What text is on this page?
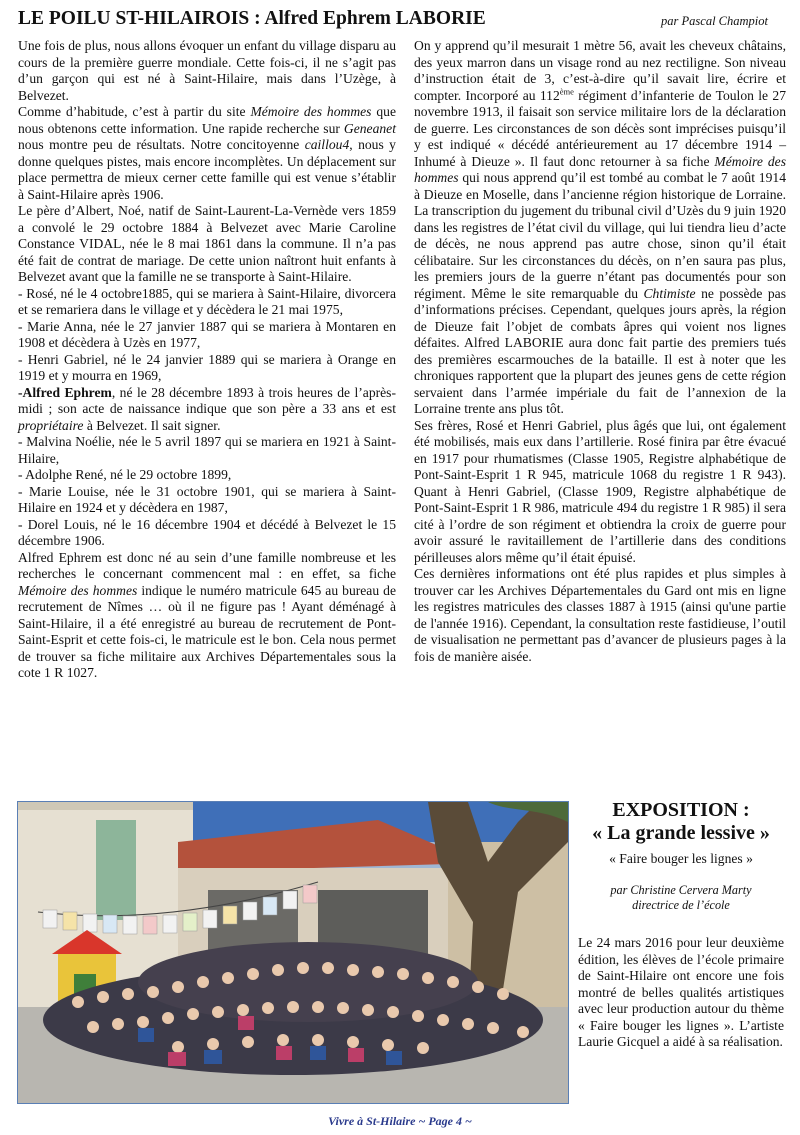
LE POILU ST-HILAIROIS : Alfred Ephrem LABORIE	par Pascal Champiot

Une fois de plus, nous allons évoquer un enfant du village disparu au cours de la première guerre mondiale. Cette fois-ci, il ne s’agit pas d’un garçon qui est né à Saint-Hilaire, mais dans l’Uzège, à Belvezet.

Comme d’habitude, c’est à partir du site Mémoire des hommes que nous obtenons cette information. Une rapide recherche sur Geneanet nous montre peu de résultats. Notre concitoyenne caillou4, nous y donne quelques pistes, mais encore incomplètes. Un déplacement sur place permettra de mieux cerner cette famille qui est venue s’établir à Saint-Hilaire après 1906.

Le père d’Albert, Noé, natif de Saint-Laurent-La-Vernède vers 1859 a convolé le 29 octobre 1884 à Belvezet avec Marie Caroline Constance VIDAL, née le 8 mai 1861 dans la commune. Il n’a pas été fait de contrat de mariage. De cette union naîtront huit enfants à Belvezet avant que la famille ne se transporte à Saint-Hilaire.

- Rosé, né le 4 octobre1885, qui se mariera à Saint-Hilaire, divorcera et se remariera dans le village et y décèdera le 21 mai 1975,

- Marie Anna, née le 27 janvier 1887 qui se mariera à Montaren en 1908 et décèdera à Uzès en 1977,

- Henri Gabriel, né le 24 janvier 1889 qui se mariera à Orange en 1919 et y mourra en 1969,

-Alfred Ephrem, né le 28 décembre 1893 à trois heures de l’après-midi ; son acte de naissance indique que son père a 33 ans et est propriétaire à Belvezet. Il sait signer.

- Malvina Noélie, née le 5 avril 1897 qui se mariera en 1921 à Saint-Hilaire,

- Adolphe René, né le 29 octobre 1899,

- Marie Louise, née le 31 octobre 1901, qui se mariera à Saint-Hilaire en 1924 et y décèdera en 1987,

- Dorel Louis, né le 16 décembre 1904 et décédé à Belvezet le 15 décembre 1906.

Alfred Ephrem est donc né au sein d’une famille nombreuse et les recherches le concernant commencent mal : en effet, sa fiche Mémoire des hommes indique le numéro matricule 645 au bureau de recrutement de Nîmes … où il ne figure pas ! Ayant déménagé à Saint-Hilaire, il a été enregistré au bureau de recrutement de Pont-Saint-Esprit et cette fois-ci, le matricule est le bon. Cela nous permet de trouver sa fiche militaire aux Archives Départementales sous la cote 1 R 1027.

On y apprend qu’il mesurait 1 mètre 56, avait les cheveux châtains, des yeux marron dans un visage rond au nez rectiligne. Son niveau d’instruction était de 3, c’est-à-dire qu’il savait lire, écrire et compter. Incorporé au 112ème régiment d’infanterie de Toulon le 27 novembre 1913, il faisait son service militaire lors de la déclaration de guerre. Les circonstances de son décès sont imprécises puisqu’il y est indiqué « décédé antérieurement au 17 décembre 1914 – Inhumé à Dieuze ». Il faut donc retourner à sa fiche Mémoire des hommes qui nous apprend qu’il est tombé au combat le 7 août 1914 à Dieuze en Moselle, dans l’ancienne région historique de Lorraine. La transcription du jugement du tribunal civil d’Uzès du 9 juin 1920 dans les registres de l’état civil du village, qui lui tiendra lieu d’acte de décès, ne nous apprend pas autre chose, sinon qu’il était célibataire. Sur les circonstances du décès, on n’en saura pas plus, les premiers jours de la guerre n’étant pas documentés pour son régiment. Même le site remarquable du Chtimiste ne possède pas d’informations précises. Cependant, quelques jours après, la région de Dieuze fait l’objet de combats âpres qui voient nos lignes défaites. Alfred LABORIE aura donc fait partie des premiers tués des premières escarmouches de la bataille. Il est à noter que les chroniques rapportent que la plupart des jeunes gens de cette région servaient dans l’armée impériale du fait de l’annexion de la Lorraine trente ans plus tôt.

Ses frères, Rosé et Henri Gabriel, plus âgés que lui, ont également été mobilisés, mais eux dans l’artillerie. Rosé finira par être évacué en 1917 pour rhumatismes (Classe 1905, Registre alphabétique de Pont-Saint-Esprit 1 R 945, matricule 1068 du registre 1 R 943). Quant à Henri Gabriel, (Classe 1909, Registre alphabétique de Pont-Saint-Esprit 1 R 986, matricule 494 du registre 1 R 985) il sera cité à l’ordre de son régiment et obtiendra la croix de guerre pour avoir assuré le ravitaillement de l’artillerie dans des conditions périlleuses alors même qu’il était épuisé.

Ces dernières informations ont été plus rapides et plus simples à trouver car les Archives Départementales du Gard ont mis en ligne les registres matricules des classes 1887 à 1915 (ainsi qu'une partie de l'année 1916). Cependant, la consultation reste fastidieuse, l’outil de visualisation ne permettant pas d’avancer de plusieurs pages à la fois de manière aisée.

EXPOSITION :

« La grande lessive »

« Faire bouger les lignes »

par Christine Cervera Marty
directrice de l’école

Le 24 mars 2016 pour leur deuxième édition, les élèves de l’école primaire de Saint-Hilaire ont encore une fois montré de belles qualités artistiques avec leur production autour du thème « Faire bouger les lignes ». L’artiste Laurie Gicquel a aidé à sa réalisation.

Vivre à St-Hilaire ~ Page 4 ~
